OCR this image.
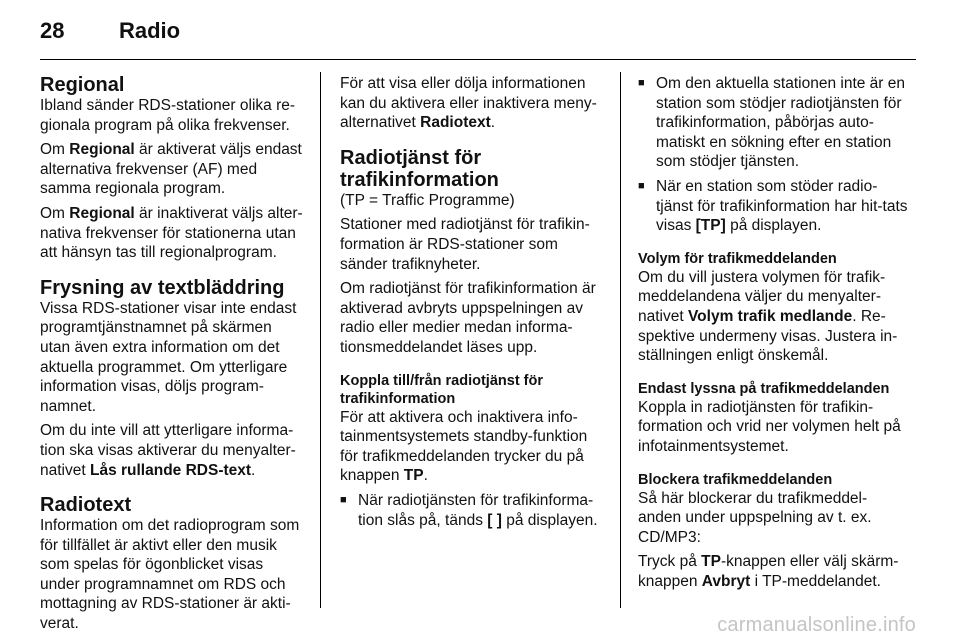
28	Radio
Regional

Ibland sänder RDS-stationer olika re-gionala program på olika frekvenser.

Om Regional är aktiverat väljs endast alternativa frekvenser (AF) med samma regionala program.

Om Regional är inaktiverat väljs alter-nativa frekvenser för stationerna utan att hänsyn tas till regionalprogram.

Frysning av textbläddring

Vissa RDS-stationer visar inte endast programtjänstnamnet på skärmen utan även extra information om det aktuella programmet. Om ytterligare information visas, döljs program-namnet.

Om du inte vill att ytterligare informa-tion ska visas aktiverar du menyalter-nativet Lås rullande RDS-text.

Radiotext

Information om det radioprogram som för tillfället är aktivt eller den musik som spelas för ögonblicket visas under programnamnet om RDS och mottagning av RDS-stationer är akti-verat.

För att visa eller dölja informationen kan du aktivera eller inaktivera meny-alternativet Radiotext.

Radiotjänst för trafikinformation

(TP = Traffic Programme)

Stationer med radiotjänst för trafikin-formation är RDS-stationer som sänder trafiknyheter.

Om radiotjänst för trafikinformation är aktiverad avbryts uppspelningen av radio eller medier medan informa-tionsmeddelandet läses upp.

Koppla till/från radiotjänst för trafikinformation

För att aktivera och inaktivera info-tainmentsystemets standby-funktion för trafikmeddelanden trycker du på knappen TP.

■ När radiotjänsten för trafikinforma-tion slås på, tänds [ ] på displayen.
■ Om den aktuella stationen inte är en station som stödjer radiotjänsten för trafikinformation, påbörjas auto-matiskt en sökning efter en station som stödjer tjänsten.
■ När en station som stöder radio-tjänst för trafikinformation har hit-tats visas [TP] på displayen.
Volym för trafikmeddelanden

Om du vill justera volymen för trafik-meddelandena väljer du menyalter-nativet Volym trafik medlande. Re-spektive undermeny visas. Justera in-ställningen enligt önskemål.

Endast lyssna på trafikmeddelanden

Koppla in radiotjänsten för trafikin-formation och vrid ner volymen helt på infotainmentsystemet.

Blockera trafikmeddelanden

Så här blockerar du trafikmeddel-anden under uppspelning av t. ex. CD/MP3:

Tryck på TP-knappen eller välj skärm-knappen Avbryt i TP-meddelandet.

carmanualsonline.info
